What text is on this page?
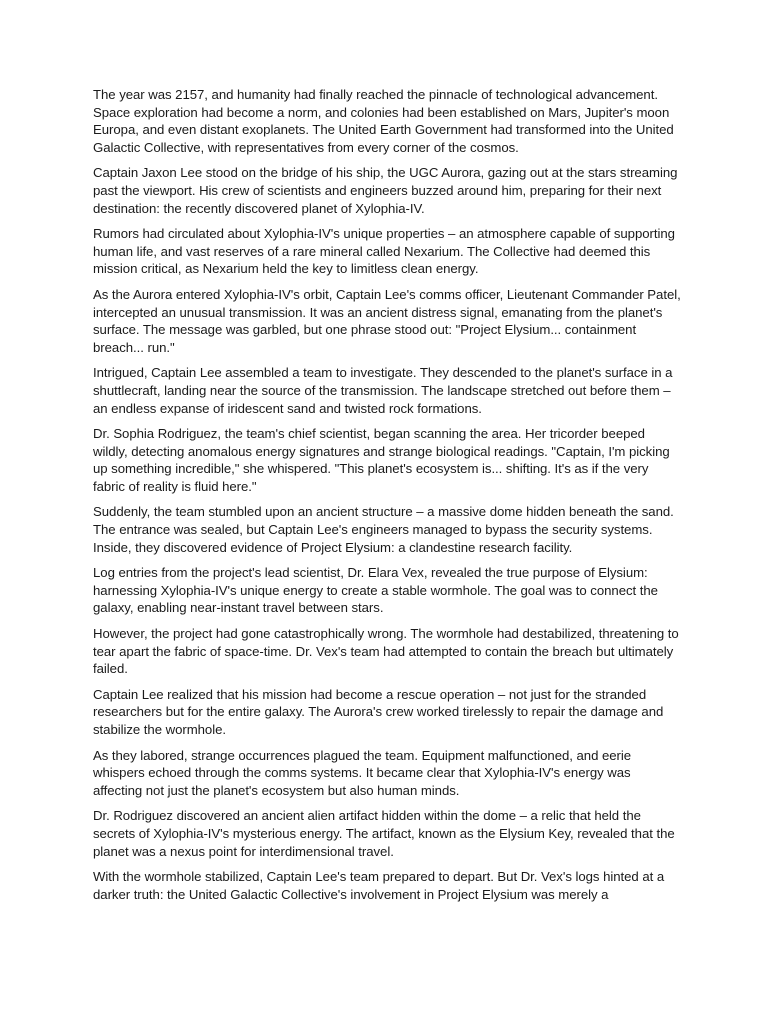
The year was 2157, and humanity had finally reached the pinnacle of technological advancement. Space exploration had become a norm, and colonies had been established on Mars, Jupiter's moon Europa, and even distant exoplanets. The United Earth Government had transformed into the United Galactic Collective, with representatives from every corner of the cosmos.

Captain Jaxon Lee stood on the bridge of his ship, the UGC Aurora, gazing out at the stars streaming past the viewport. His crew of scientists and engineers buzzed around him, preparing for their next destination: the recently discovered planet of Xylophia-IV.

Rumors had circulated about Xylophia-IV's unique properties – an atmosphere capable of supporting human life, and vast reserves of a rare mineral called Nexarium. The Collective had deemed this mission critical, as Nexarium held the key to limitless clean energy.

As the Aurora entered Xylophia-IV's orbit, Captain Lee's comms officer, Lieutenant Commander Patel, intercepted an unusual transmission. It was an ancient distress signal, emanating from the planet's surface. The message was garbled, but one phrase stood out: "Project Elysium... containment breach... run."

Intrigued, Captain Lee assembled a team to investigate. They descended to the planet's surface in a shuttlecraft, landing near the source of the transmission. The landscape stretched out before them – an endless expanse of iridescent sand and twisted rock formations.

Dr. Sophia Rodriguez, the team's chief scientist, began scanning the area. Her tricorder beeped wildly, detecting anomalous energy signatures and strange biological readings. "Captain, I'm picking up something incredible," she whispered. "This planet's ecosystem is... shifting. It's as if the very fabric of reality is fluid here."

Suddenly, the team stumbled upon an ancient structure – a massive dome hidden beneath the sand. The entrance was sealed, but Captain Lee's engineers managed to bypass the security systems. Inside, they discovered evidence of Project Elysium: a clandestine research facility.

Log entries from the project's lead scientist, Dr. Elara Vex, revealed the true purpose of Elysium: harnessing Xylophia-IV's unique energy to create a stable wormhole. The goal was to connect the galaxy, enabling near-instant travel between stars.

However, the project had gone catastrophically wrong. The wormhole had destabilized, threatening to tear apart the fabric of space-time. Dr. Vex's team had attempted to contain the breach but ultimately failed.

Captain Lee realized that his mission had become a rescue operation – not just for the stranded researchers but for the entire galaxy. The Aurora's crew worked tirelessly to repair the damage and stabilize the wormhole.

As they labored, strange occurrences plagued the team. Equipment malfunctioned, and eerie whispers echoed through the comms systems. It became clear that Xylophia-IV's energy was affecting not just the planet's ecosystem but also human minds.

Dr. Rodriguez discovered an ancient alien artifact hidden within the dome – a relic that held the secrets of Xylophia-IV's mysterious energy. The artifact, known as the Elysium Key, revealed that the planet was a nexus point for interdimensional travel.

With the wormhole stabilized, Captain Lee's team prepared to depart. But Dr. Vex's logs hinted at a darker truth: the United Galactic Collective's involvement in Project Elysium was merely a
